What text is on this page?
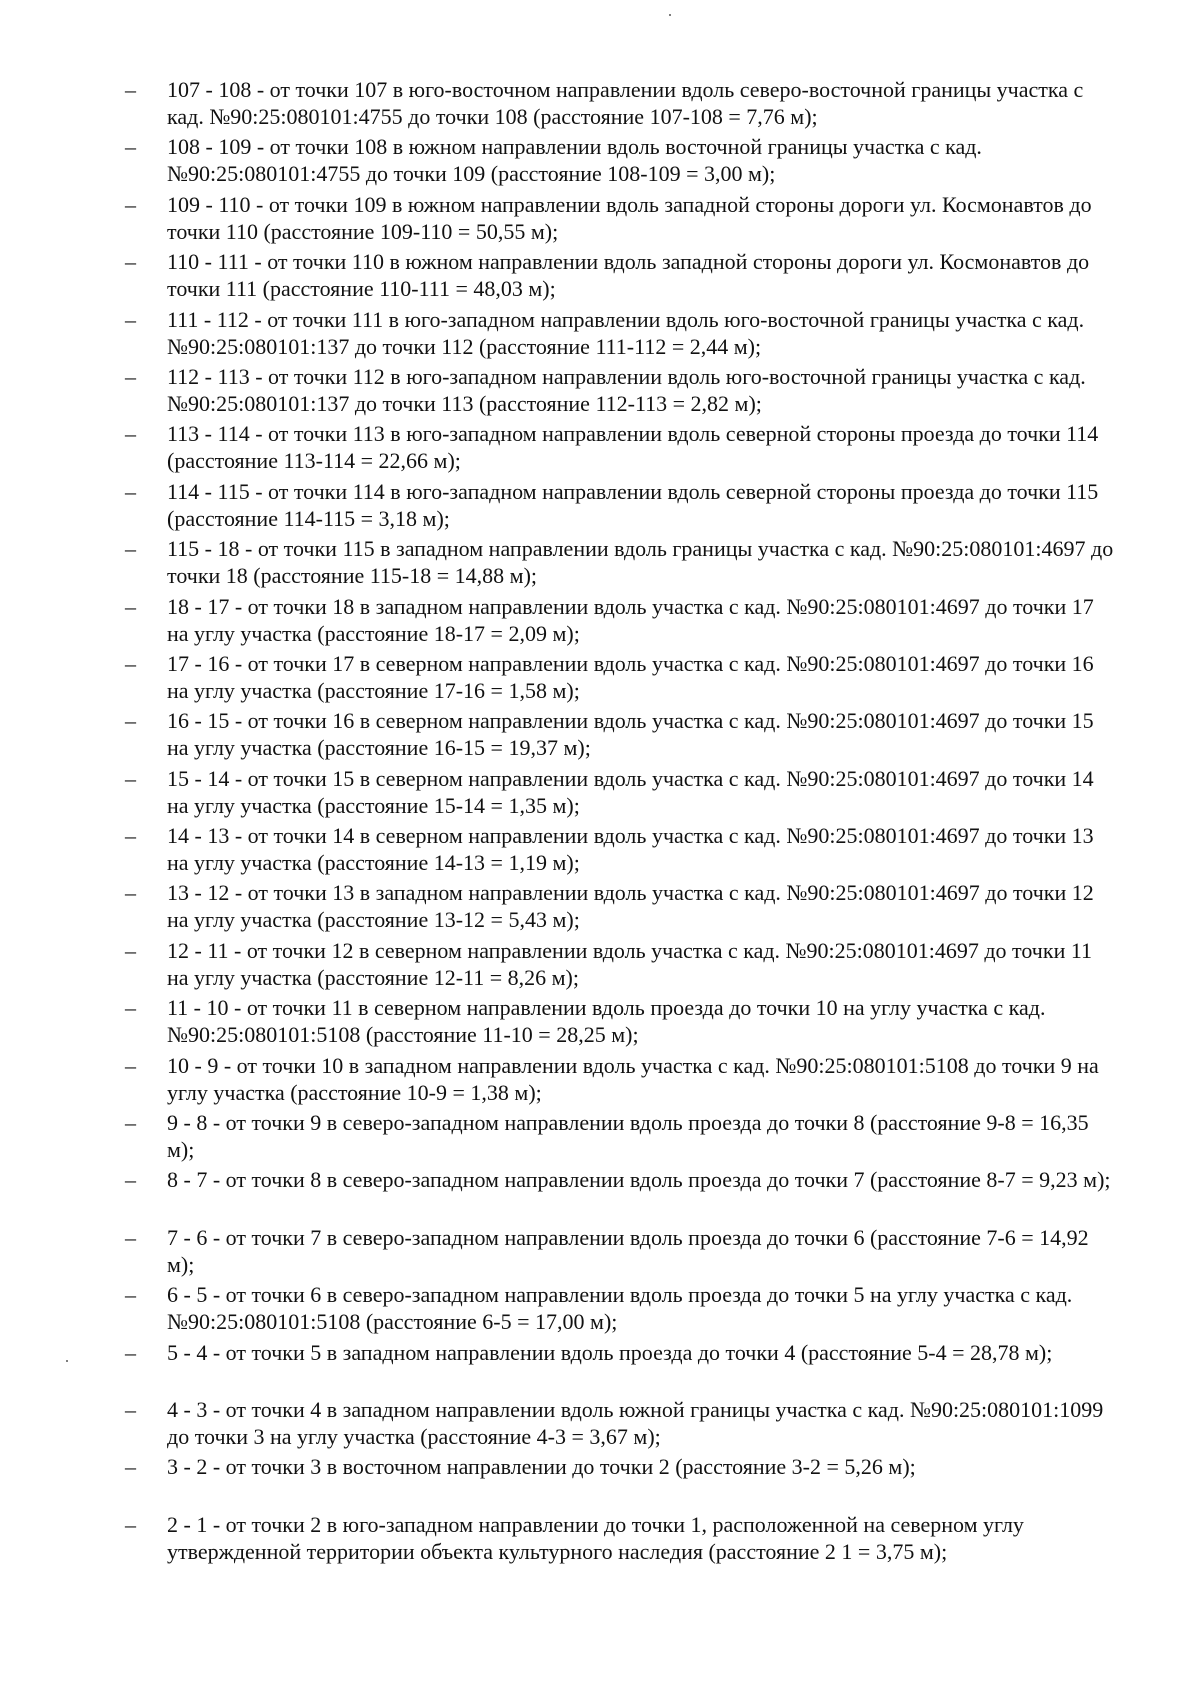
– 107 - 108 - от точки 107 в юго-восточном направлении вдоль северо-восточной границы участка с кад. №90:25:080101:4755 до точки 108 (расстояние 107-108 = 7,76 м);
– 108 - 109 - от точки 108 в южном направлении вдоль восточной границы участка с кад. №90:25:080101:4755 до точки 109 (расстояние 108-109 = 3,00 м);
– 109 - 110 - от точки 109 в южном направлении вдоль западной стороны дороги ул. Космонавтов до точки 110 (расстояние 109-110 = 50,55 м);
– 110 - 111 - от точки 110 в южном направлении вдоль западной стороны дороги ул. Космонавтов до точки 111 (расстояние 110-111 = 48,03 м);
– 111 - 112 - от точки 111 в юго-западном направлении вдоль юго-восточной границы участка с кад. №90:25:080101:137 до точки 112 (расстояние 111-112 = 2,44 м);
– 112 - 113 - от точки 112 в юго-западном направлении вдоль юго-восточной границы участка с кад. №90:25:080101:137 до точки 113 (расстояние 112-113 = 2,82 м);
– 113 - 114 - от точки 113 в юго-западном направлении вдоль северной стороны проезда до точки 114 (расстояние 113-114 = 22,66 м);
– 114 - 115 - от точки 114 в юго-западном направлении вдоль северной стороны проезда до точки 115 (расстояние 114-115 = 3,18 м);
– 115 - 18 - от точки 115 в западном направлении вдоль границы участка с кад. №90:25:080101:4697 до точки 18 (расстояние 115-18 = 14,88 м);
– 18 - 17 - от точки 18 в западном направлении вдоль участка с кад. №90:25:080101:4697 до точки 17 на углу участка (расстояние 18-17 = 2,09 м);
– 17 - 16 - от точки 17 в северном направлении вдоль участка с кад. №90:25:080101:4697 до точки 16 на углу участка (расстояние 17-16 = 1,58 м);
– 16 - 15 - от точки 16 в северном направлении вдоль участка с кад. №90:25:080101:4697 до точки 15 на углу участка (расстояние 16-15 = 19,37 м);
– 15 - 14 - от точки 15 в северном направлении вдоль участка с кад. №90:25:080101:4697 до точки 14 на углу участка (расстояние 15-14 = 1,35 м);
– 14 - 13 - от точки 14 в северном направлении вдоль участка с кад. №90:25:080101:4697 до точки 13 на углу участка (расстояние 14-13 = 1,19 м);
– 13 - 12 - от точки 13 в западном направлении вдоль участка с кад. №90:25:080101:4697 до точки 12 на углу участка (расстояние 13-12 = 5,43 м);
– 12 - 11 - от точки 12 в северном направлении вдоль участка с кад. №90:25:080101:4697 до точки 11 на углу участка (расстояние 12-11 = 8,26 м);
– 11 - 10 - от точки 11 в северном направлении вдоль проезда до точки 10 на углу участка с кад. №90:25:080101:5108 (расстояние 11-10 = 28,25 м);
– 10 - 9 - от точки 10 в западном направлении вдоль участка с кад. №90:25:080101:5108 до точки 9 на углу участка (расстояние 10-9 = 1,38 м);
– 9 - 8 - от точки 9 в северо-западном направлении вдоль проезда до точки 8 (расстояние 9-8 = 16,35 м);
– 8 - 7 - от точки 8 в северо-западном направлении вдоль проезда до точки 7 (расстояние 8-7 = 9,23 м);
– 7 - 6 - от точки 7 в северо-западном направлении вдоль проезда до точки 6 (расстояние 7-6 = 14,92 м);
– 6 - 5 - от точки 6 в северо-западном направлении вдоль проезда до точки 5 на углу участка с кад. №90:25:080101:5108 (расстояние 6-5 = 17,00 м);
– 5 - 4 - от точки 5 в западном направлении вдоль проезда до точки 4 (расстояние 5-4 = 28,78 м);
– 4 - 3 - от точки 4 в западном направлении вдоль южной границы участка с кад. №90:25:080101:1099 до точки 3 на углу участка (расстояние 4-3 = 3,67 м);
– 3 - 2 - от точки 3 в восточном направлении до точки 2 (расстояние 3-2 = 5,26 м);
– 2 - 1 - от точки 2 в юго-западном направлении до точки 1, расположенной на северном углу утвержденной территории объекта культурного наследия (расстояние 2 1 = 3,75 м);
